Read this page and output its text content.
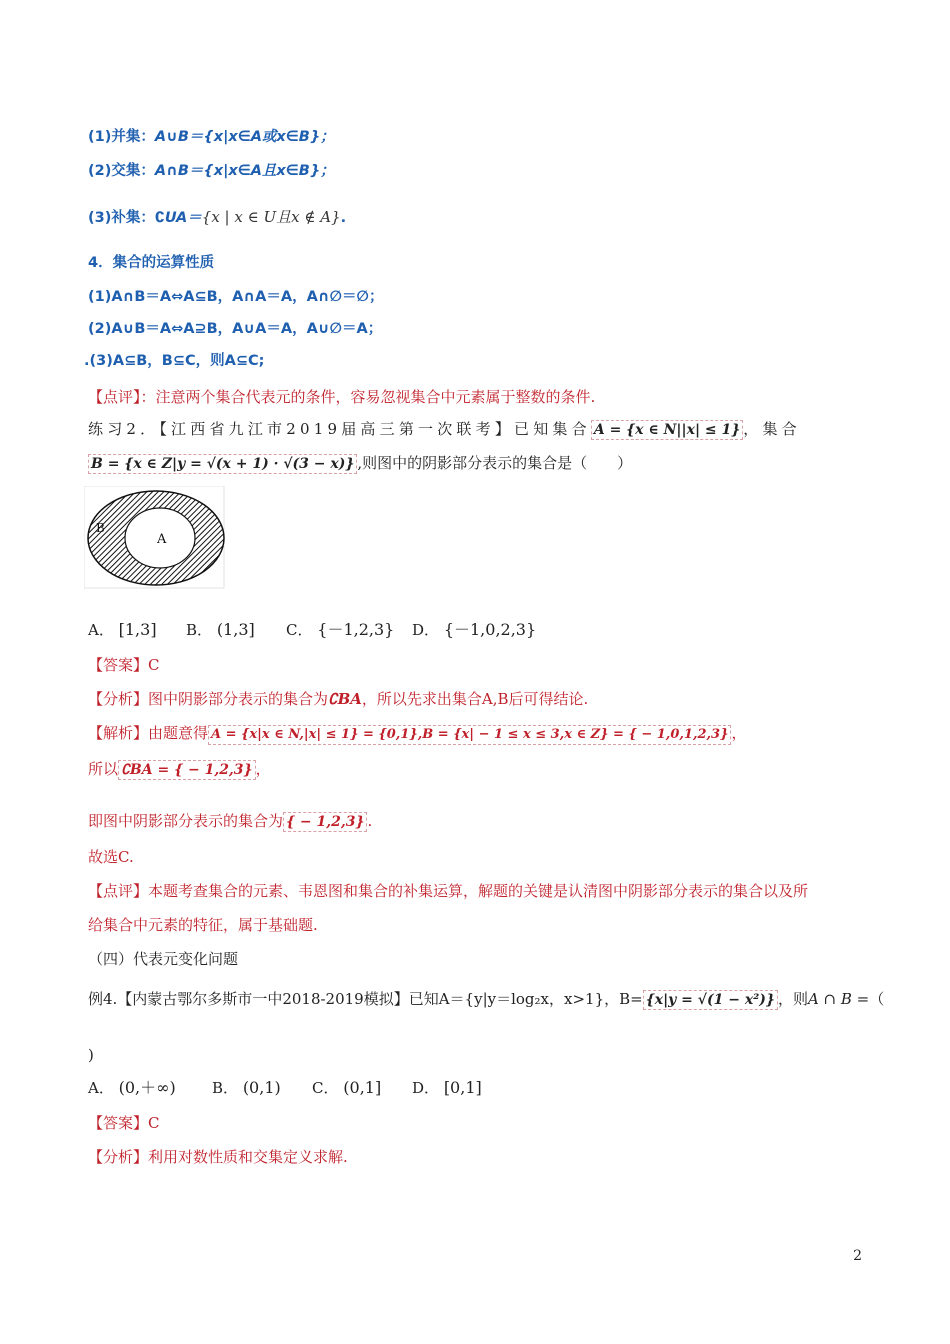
(1)并集：A∪B＝{x|x∈A或x∈B}；
(2)交集：A∩B＝{x|x∈A且x∈B}；
(3)补集：∁UA＝{x | x ∈ U且x ∉ A}.
4．集合的运算性质
(1)A∩B＝A⇔A⊆B，A∩A＝A，A∩∅＝∅；
(2)A∪B＝A⇔A⊇B，A∪A＝A，A∪∅＝A；
.(3)A⊆B，B⊆C，则A⊆C;
【点评】：注意两个集合代表元的条件，容易忽视集合中元素属于整数的条件.
练习2．【江西省九江市2019届高三第一次联考】已知集合 A = {x ∈ N||x| ≤ 1} ，集合
B = {x ∈ Z|y = √(x + 1) · √(3 − x)} ,则图中的阴影部分表示的集合是（　　）
B
A
A． [1,3] B． (1,3] C． {－1,2,3} D． {－1,0,2,3}
【答案】C
【分析】图中阴影部分表示的集合为∁BA，所以先求出集合A,B后可得结论.
【解析】由题意得 A = {x|x ∈ N,|x| ≤ 1} = {0,1},B = {x| − 1 ≤ x ≤ 3,x ∈ Z} = { − 1,0,1,2,3} ，
所以 ∁BA = { − 1,2,3} ，
即图中阴影部分表示的集合为 { − 1,2,3} .
故选C.
【点评】本题考查集合的元素、韦恩图和集合的补集运算，解题的关键是认清图中阴影部分表示的集合以及所
给集合中元素的特征，属于基础题.
（四）代表元变化问题
例4.【内蒙古鄂尔多斯市一中2018-2019模拟】已知A＝{y|y＝log₂x，x>1}，B= {x|y = √(1 − x²)} ，则A ∩ B =（
)
A． (0,＋∞) B． (0,1) C． (0,1] D． [0,1]
【答案】C
【分析】利用对数性质和交集定义求解.
2
